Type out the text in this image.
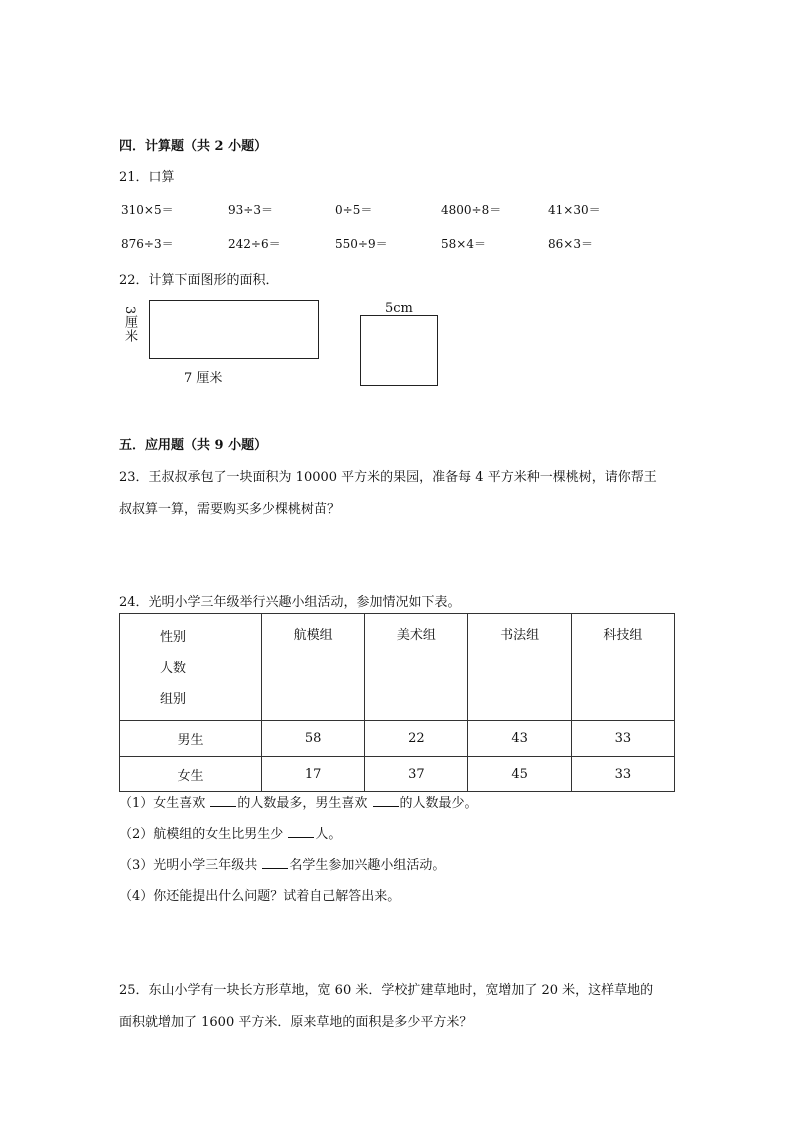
四．计算题（共 2 小题）
21．口算
310×5＝	93÷3＝	0÷5＝	4800÷8＝	41×30＝
876÷3＝	242÷6＝	550÷9＝	58×4＝	86×3＝
22．计算下面图形的面积．
3厘米
7 厘米
5cm
五．应用题（共 9 小题）
23．王叔叔承包了一块面积为 10000 平方米的果园，准备每 4 平方米种一棵桃树，请你帮王
叔叔算一算，需要购买多少棵桃树苗？
24．光明小学三年级举行兴趣小组活动，参加情况如下表。
性别
人数
组别	航模组	美术组	书法组	科技组
男生	58	22	43	33
女生	17	37	45	33
（1）女生喜欢 的人数最多，男生喜欢 的人数最少。
（2）航模组的女生比男生少 人。
（3）光明小学三年级共 名学生参加兴趣小组活动。
（4）你还能提出什么问题？试着自己解答出来。
25．东山小学有一块长方形草地，宽 60 米．学校扩建草地时，宽增加了 20 米，这样草地的
面积就增加了 1600 平方米．原来草地的面积是多少平方米？
